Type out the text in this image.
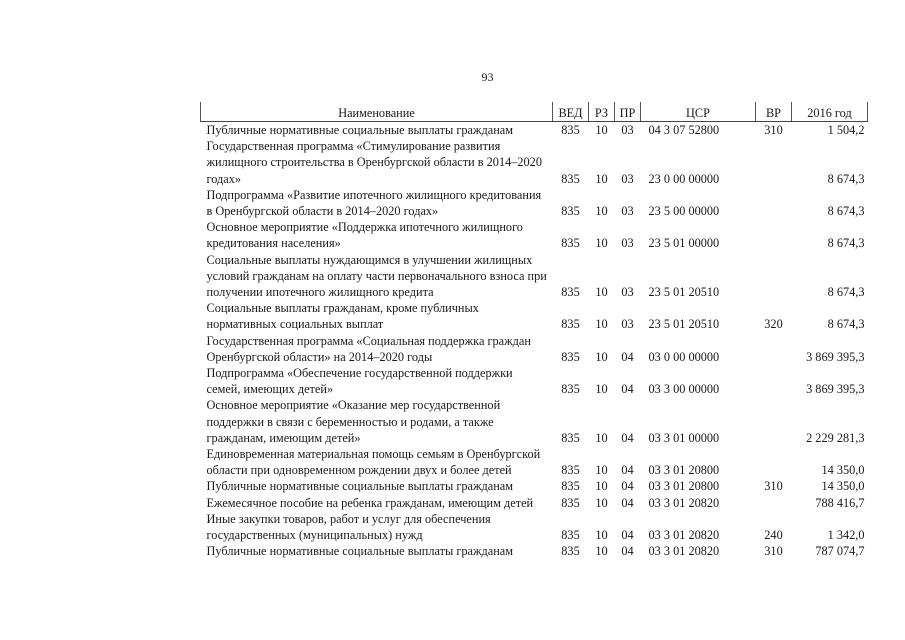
93
Наименование	ВЕД	РЗ	ПР	ЦСР	ВР	2016 год
Публичные нормативные социальные выплаты гражданам	835	10	03	04 3 07 52800	310	1 504,2
Государственная программа «Стимулирование развития жилищного строительства в Оренбургской области в 2014–2020 годах»	835	10	03	23 0 00 00000		8 674,3
Подпрограмма «Развитие ипотечного жилищного кредитования в Оренбургской области в 2014–2020 годах»	835	10	03	23 5 00 00000		8 674,3
Основное мероприятие «Поддержка ипотечного жилищного кредитования населения»	835	10	03	23 5 01 00000		8 674,3
Социальные выплаты нуждающимся в улучшении жилищных условий гражданам на оплату части первоначального взноса при получении ипотечного жилищного кредита	835	10	03	23 5 01 20510		8 674,3
Социальные выплаты гражданам, кроме публичных нормативных социальных выплат	835	10	03	23 5 01 20510	320	8 674,3
Государственная программа «Социальная поддержка граждан Оренбургской области» на 2014–2020 годы	835	10	04	03 0 00 00000		3 869 395,3
Подпрограмма «Обеспечение государственной поддержки семей, имеющих детей»	835	10	04	03 3 00 00000		3 869 395,3
Основное мероприятие «Оказание мер государственной поддержки в связи с беременностью и родами, а также гражданам, имеющим детей»	835	10	04	03 3 01 00000		2 229 281,3
Единовременная материальная помощь семьям в Оренбургской области при одновременном рождении двух и более детей	835	10	04	03 3 01 20800		14 350,0
Публичные нормативные социальные выплаты гражданам	835	10	04	03 3 01 20800	310	14 350,0
Ежемесячное пособие на ребенка гражданам, имеющим детей	835	10	04	03 3 01 20820		788 416,7
Иные закупки товаров, работ и услуг для обеспечения государственных (муниципальных) нужд	835	10	04	03 3 01 20820	240	1 342,0
Публичные нормативные социальные выплаты гражданам	835	10	04	03 3 01 20820	310	787 074,7
